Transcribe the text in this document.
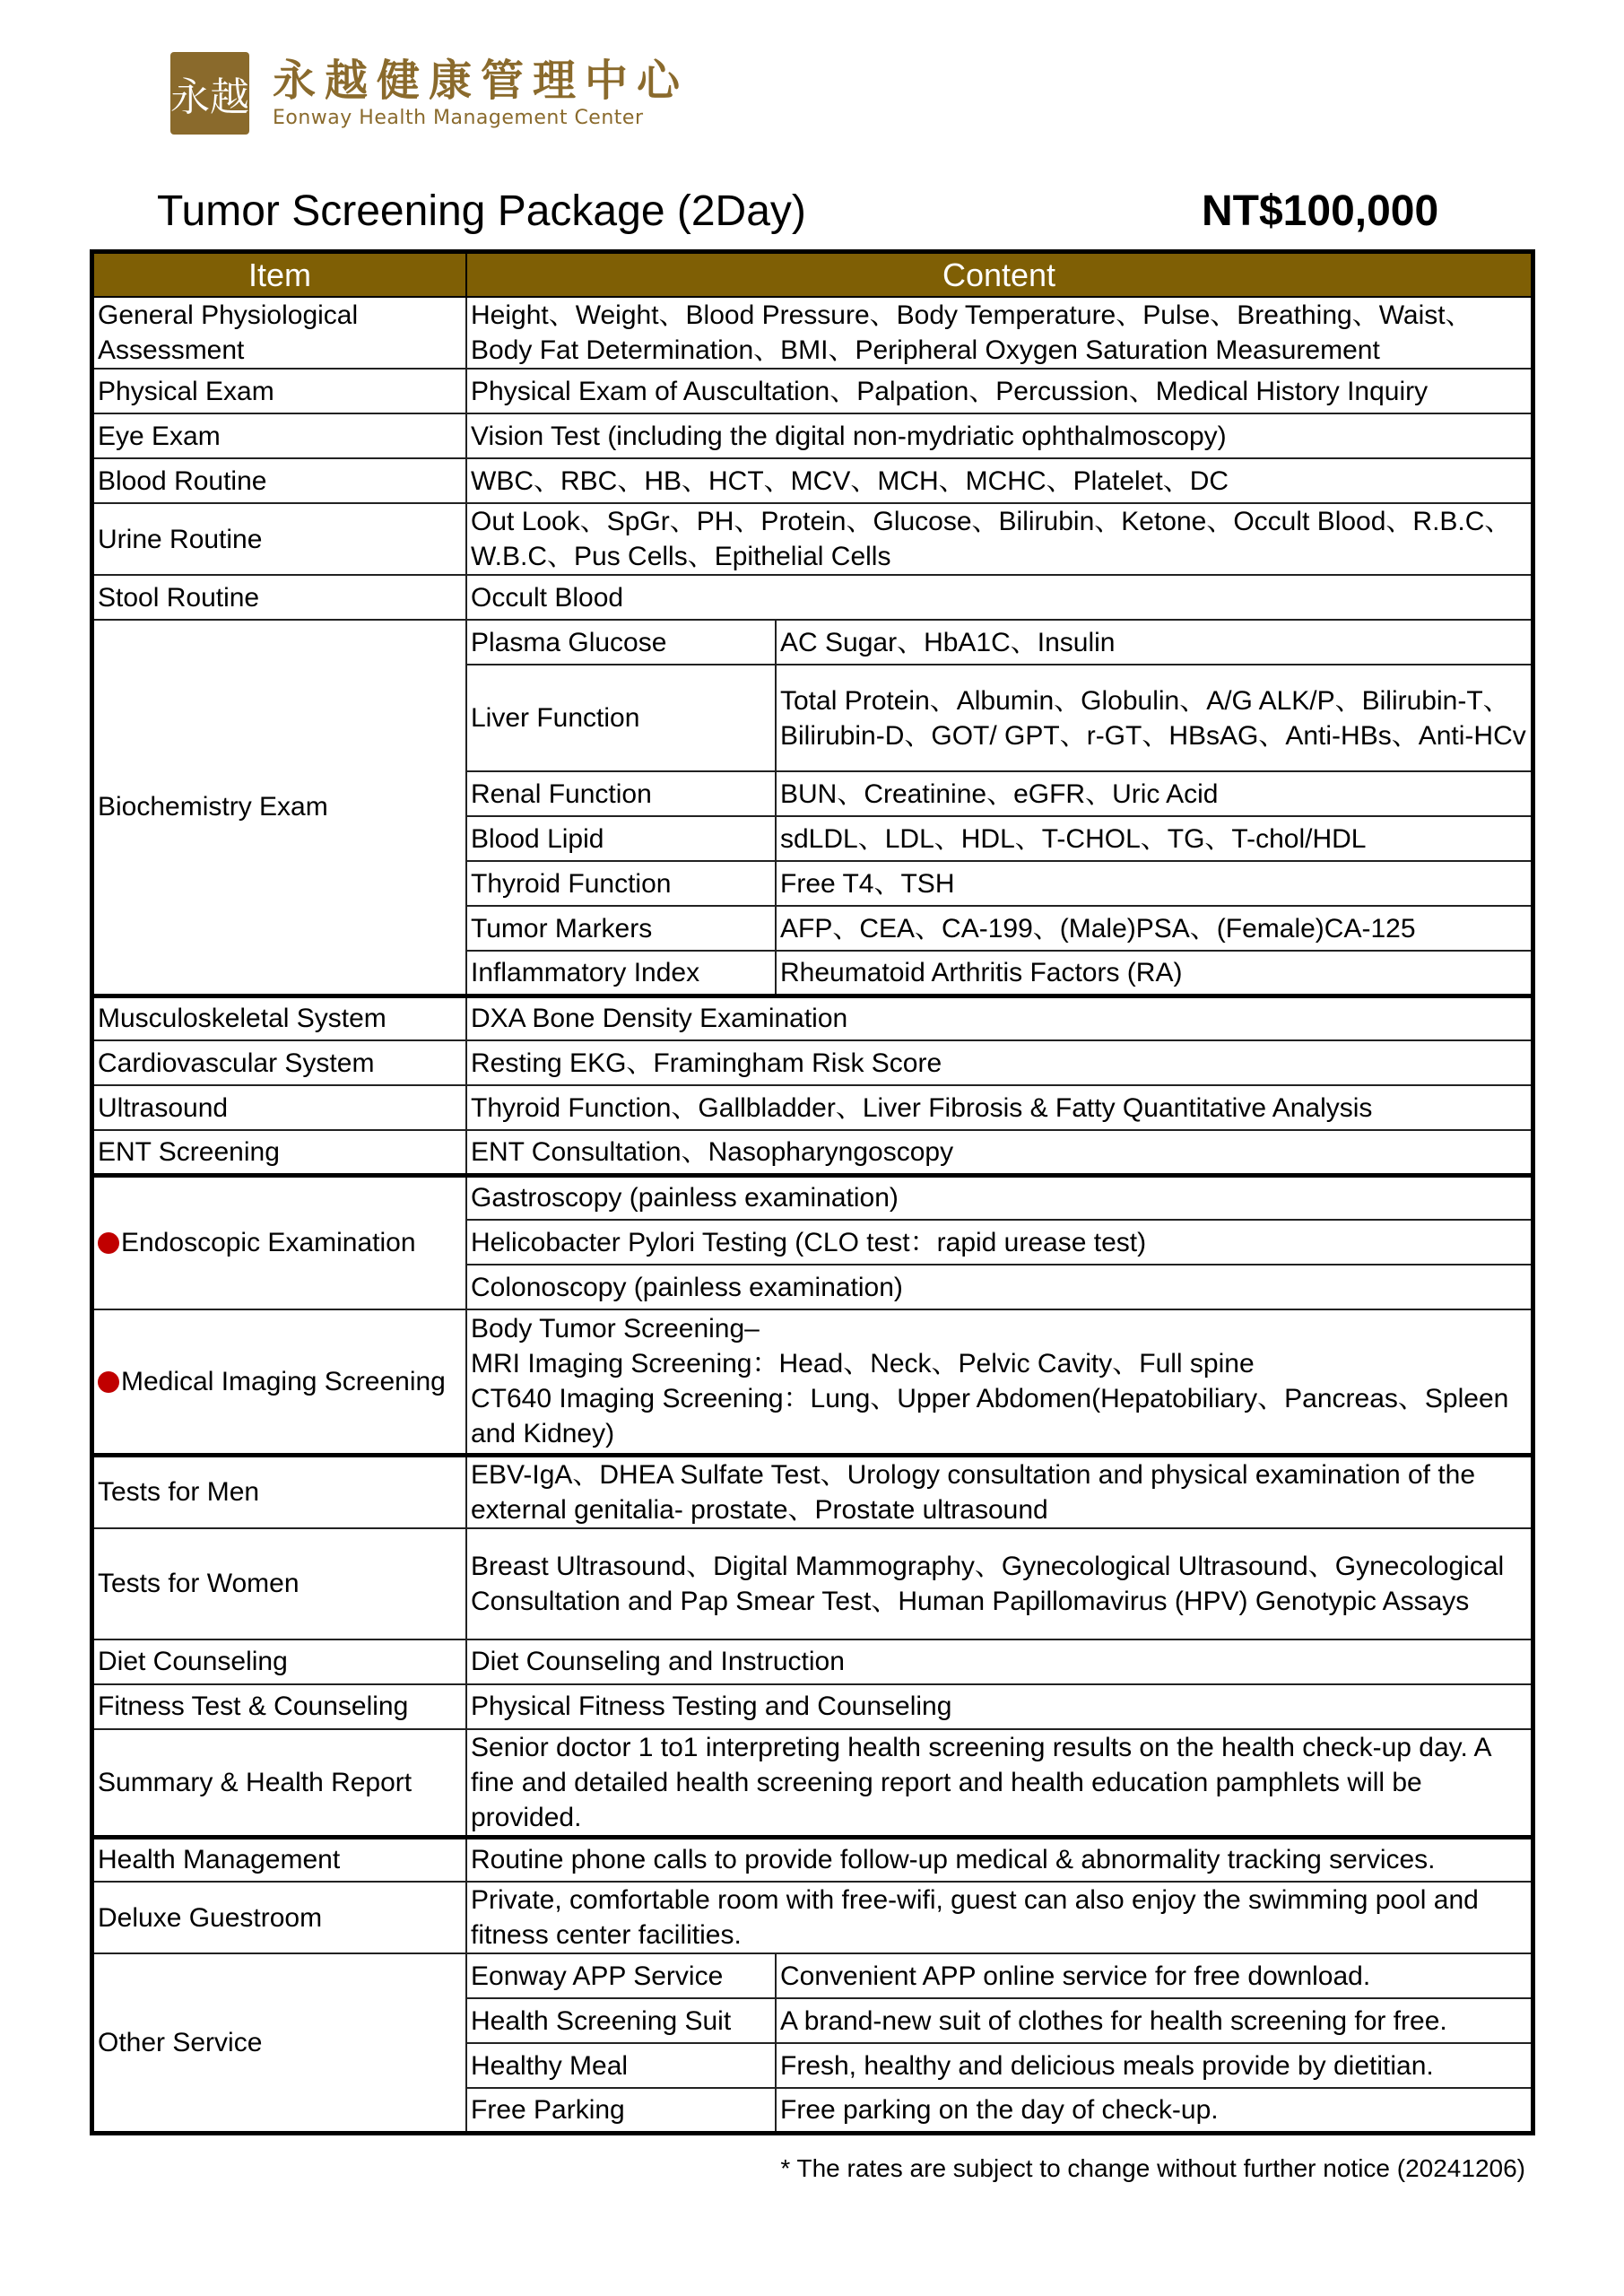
永越 永越健康管理中心
Eonway Health Management Center
Tumor Screening Package (2Day)	NT$100,000
Item	Content	
General Physiological Assessment	Height、Weight、Blood Pressure、Body Temperature、Pulse、Breathing、Waist、Body Fat Determination、BMI、Peripheral Oxygen Saturation Measurement	
Physical Exam	Physical Exam of Auscultation、Palpation、Percussion、Medical History Inquiry	
Eye Exam	Vision Test (including the digital non-mydriatic ophthalmoscopy)	
Blood Routine	WBC、RBC、HB、HCT、MCV、MCH、MCHC、Platelet、DC	
Urine Routine	Out Look、SpGr、PH、Protein、Glucose、Bilirubin、Ketone、Occult Blood、R.B.C、W.B.C、Pus Cells、Epithelial Cells	
Stool Routine	Occult Blood	
Biochemistry Exam	Plasma Glucose	AC Sugar、HbA1C、Insulin
	Liver Function	Total Protein、Albumin、Globulin、A/G ALK/P、Bilirubin-T、Bilirubin-D、GOT/ GPT、r-GT、HBsAG、Anti-HBs、Anti-HCv
	Renal Function	BUN、Creatinine、eGFR、Uric Acid
	Blood Lipid	sdLDL、LDL、HDL、T-CHOL、TG、T-chol/HDL
	Thyroid Function	Free T4、TSH
	Tumor Markers	AFP、CEA、CA-199、(Male)PSA、(Female)CA-125
	Inflammatory Index	Rheumatoid Arthritis Factors (RA)
Musculoskeletal System	DXA Bone Density Examination	
Cardiovascular System	Resting EKG、Framingham Risk Score	
Ultrasound	Thyroid Function、Gallbladder、Liver Fibrosis & Fatty Quantitative Analysis	
ENT Screening	ENT Consultation、Nasopharyngoscopy	
Endoscopic Examination	Gastroscopy (painless examination)	
	Helicobacter Pylori Testing (CLO test：rapid urease test)	
	Colonoscopy (painless examination)	
Medical Imaging Screening	Body Tumor Screening–
MRI Imaging Screening：Head、Neck、Pelvic Cavity、Full spine
CT640 Imaging Screening：Lung、Upper Abdomen(Hepatobiliary、Pancreas、Spleen and Kidney)	

Tests for Men	EBV-IgA、DHEA Sulfate Test、Urology consultation and physical examination of the external genitalia- prostate、Prostate ultrasound	
Tests for Women	Breast Ultrasound、Digital Mammography、Gynecological Ultrasound、Gynecological Consultation and Pap Smear Test、Human Papillomavirus (HPV) Genotypic Assays	
Diet Counseling	Diet Counseling and Instruction	
Fitness Test & Counseling	Physical Fitness Testing and Counseling	
Summary & Health Report	Senior doctor 1 to1 interpreting health screening results on the health check-up day. A fine and detailed health screening report and health education pamphlets will be provided.	
Health Management	Routine phone calls to provide follow-up medical & abnormality tracking services.	
Deluxe Guestroom	Private, comfortable room with free-wifi, guest can also enjoy the swimming pool and fitness center facilities.	
Other Service	Eonway APP Service	Convenient APP online service for free download.
	Health Screening Suit	A brand-new suit of clothes for health screening for free.
	Healthy Meal	Fresh, healthy and delicious meals provide by dietitian.
	Free Parking	Free parking on the day of check-up.
* The rates are subject to change without further notice (20241206)
